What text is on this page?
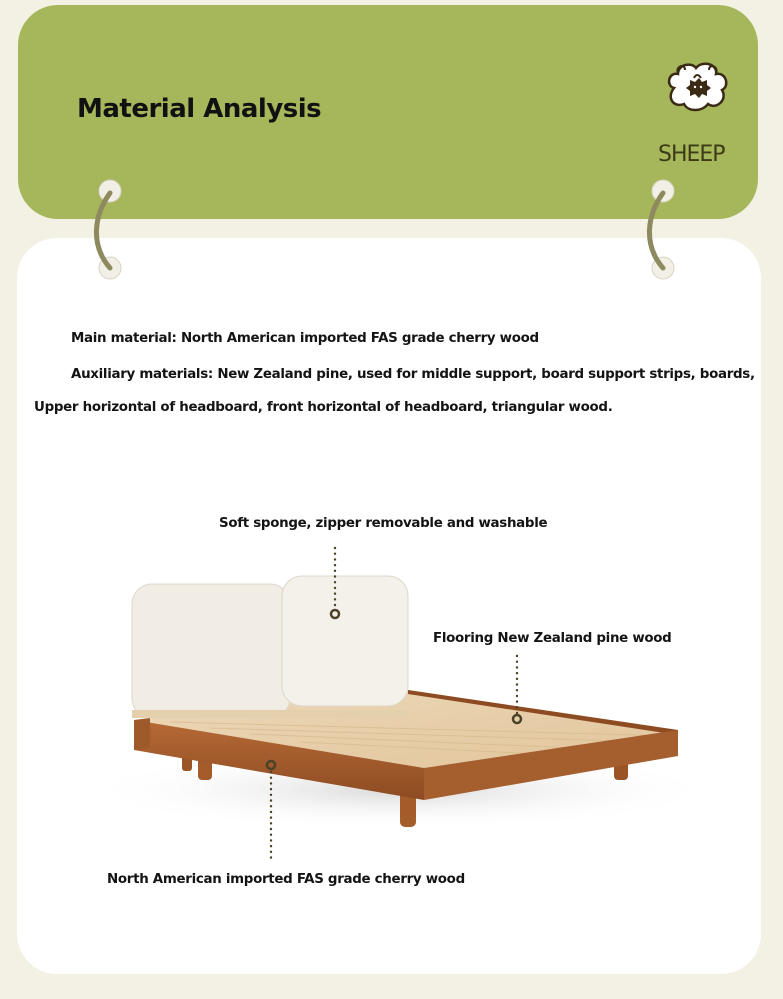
Material Analysis
SHEEP
Main material: North American imported FAS grade cherry wood
Auxiliary materials: New Zealand pine, used for middle support, board support strips, boards,
Upper horizontal of headboard, front horizontal of headboard, triangular wood.
Soft sponge, zipper removable and washable
Flooring New Zealand pine wood
North American imported FAS grade cherry wood
